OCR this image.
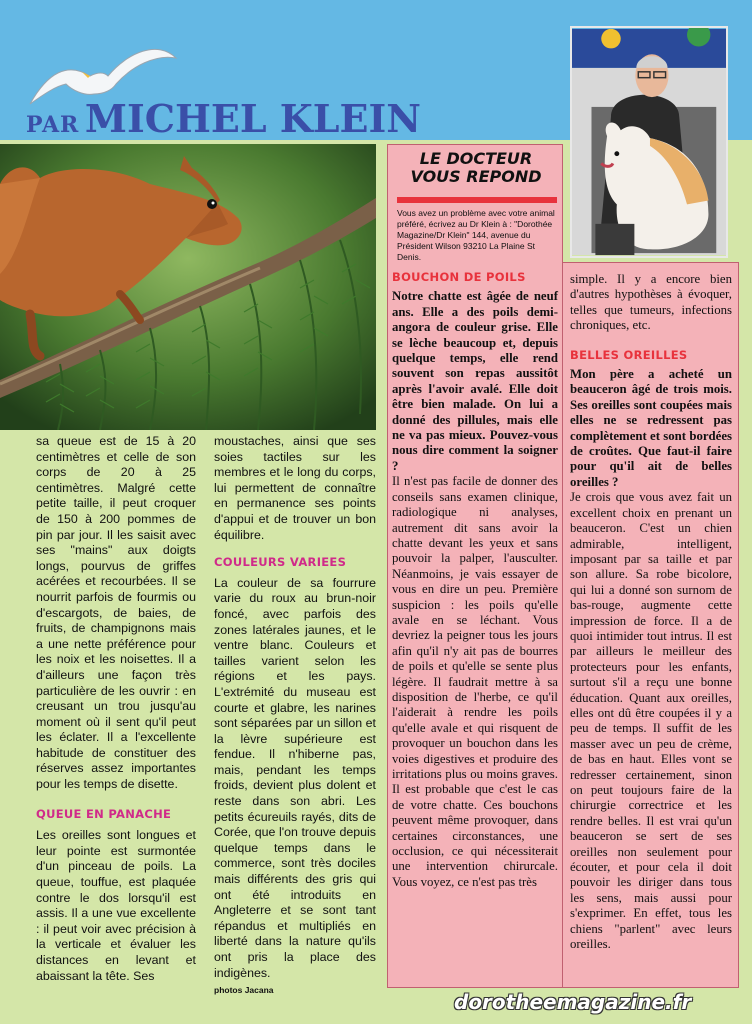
PAR MICHEL KLEIN
LE DOCTEUR
VOUS REPOND
Vous avez un problème avec votre animal préféré, écrivez au Dr Klein à : "Dorothée Magazine/Dr Klein" 144, avenue du Président Wilson 93210 La Plaine St Denis.

sa queue est de 15 à 20 centimètres et celle de son corps de 20 à 25 centimètres. Malgré cette petite taille, il peut croquer de 150 à 200 pommes de pin par jour. Il les saisit avec ses "mains" aux doigts longs, pourvus de griffes acérées et recourbées. Il se nourrit parfois de fourmis ou d'escargots, de baies, de fruits, de champignons mais a une nette préférence pour les noix et les noisettes. Il a d'ailleurs une façon très particulière de les ouvrir : en creusant un trou jusqu'au moment où il sent qu'il peut les éclater. Il a l'excellente habitude de constituer des réserves assez importantes pour les temps de disette.

QUEUE EN PANACHE

Les oreilles sont longues et leur pointe est surmontée d'un pinceau de poils. La queue, touffue, est plaquée contre le dos lorsqu'il est assis. Il a une vue excellente : il peut voir avec précision à la verticale et évaluer les distances en levant et abaissant la tête. Ses

moustaches, ainsi que ses soies tactiles sur les membres et le long du corps, lui permettent de connaître en permanence ses points d'appui et de trouver un bon équilibre.

COULEURS VARIEES

La couleur de sa fourrure varie du roux au brun-noir foncé, avec parfois des zones latérales jaunes, et le ventre blanc. Couleurs et tailles varient selon les régions et les pays. L'extrémité du museau est courte et glabre, les narines sont séparées par un sillon et la lèvre supérieure est fendue. Il n'hiberne pas, mais, pendant les temps froids, devient plus dolent et reste dans son abri. Les petits écureuils rayés, dits de Corée, que l'on trouve depuis quelque temps dans le commerce, sont très dociles mais différents des gris qui ont été introduits en Angleterre et se sont tant répandus et multipliés en liberté dans la nature qu'ils ont pris la place des indigènes.

photos Jacana

BOUCHON DE POILS

Notre chatte est âgée de neuf ans. Elle a des poils demi-angora de couleur grise. Elle se lèche beaucoup et, depuis quelque temps, elle rend souvent son repas aussitôt après l'avoir avalé. Elle doit être bien malade. On lui a donné des pillules, mais elle ne va pas mieux. Pouvez-vous nous dire comment la soigner ?

Il n'est pas facile de donner des conseils sans examen clinique, radiologique ni analyses, autrement dit sans avoir la chatte devant les yeux et sans pouvoir la palper, l'ausculter. Néanmoins, je vais essayer de vous en dire un peu. Première suspicion : les poils qu'elle avale en se léchant. Vous devriez la peigner tous les jours afin qu'il n'y ait pas de bourres de poils et qu'elle se sente plus légère. Il faudrait mettre à sa disposition de l'herbe, ce qu'il l'aiderait à rendre les poils qu'elle avale et qui risquent de provoquer un bouchon dans les voies digestives et produire des irritations plus ou moins graves. Il est probable que c'est le cas de votre chatte. Ces bouchons peuvent même provoquer, dans certaines circonstances, une occlusion, ce qui nécessiterait une intervention chirurcale. Vous voyez, ce n'est pas très

simple. Il y a encore bien d'autres hypothèses à évoquer, telles que tumeurs, infections chroniques, etc.

BELLES OREILLES

Mon père a acheté un beauceron âgé de trois mois. Ses oreilles sont coupées mais elles ne se redressent pas complètement et sont bordées de croûtes. Que faut-il faire pour qu'il ait de belles oreilles ?

Je crois que vous avez fait un excellent choix en prenant un beauceron. C'est un chien admirable, intelligent, imposant par sa taille et par son allure. Sa robe bicolore, qui lui a donné son surnom de bas-rouge, augmente cette impression de force. Il a de quoi intimider tout intrus. Il est par ailleurs le meilleur des protecteurs pour les enfants, surtout s'il a reçu une bonne éducation. Quant aux oreilles, elles ont dû être coupées il y a peu de temps. Il suffit de les masser avec un peu de crème, de bas en haut. Elles vont se redresser certainement, sinon on peut toujours faire de la chirurgie correctrice et les rendre belles. Il est vrai qu'un beauceron se sert de ses oreilles non seulement pour écouter, et pour cela il doit pouvoir les diriger dans tous les sens, mais aussi pour s'exprimer. En effet, tous les chiens "parlent" avec leurs oreilles.

dorotheemagazine.fr
